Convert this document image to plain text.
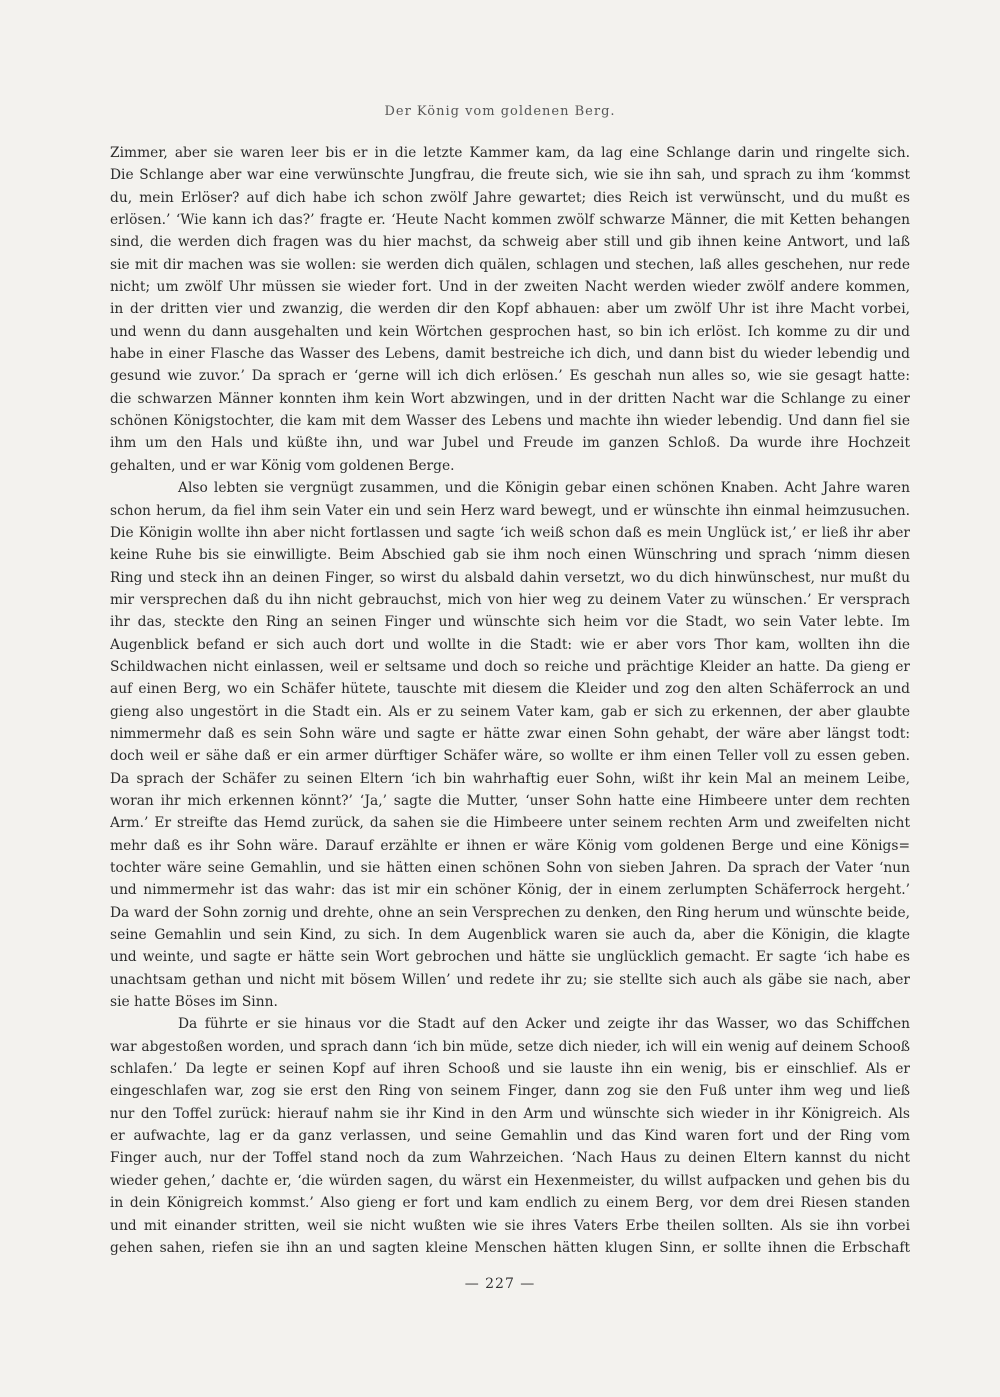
Der König vom goldenen Berg.
Zimmer, aber sie waren leer bis er in die letzte Kammer kam, da lag eine Schlange darin und ringelte sich.
Die Schlange aber war eine verwünschte Jungfrau, die freute sich, wie sie ihn sah, und sprach zu ihm ‘kommst
du, mein Erlöser? auf dich habe ich schon zwölf Jahre gewartet; dies Reich ist verwünscht, und du mußt es
erlösen.’ ‘Wie kann ich das?’ fragte er. ‘Heute Nacht kommen zwölf schwarze Männer, die mit Ketten behangen
sind, die werden dich fragen was du hier machst, da schweig aber still und gib ihnen keine Antwort, und laß
sie mit dir machen was sie wollen: sie werden dich quälen, schlagen und stechen, laß alles geschehen, nur rede
nicht; um zwölf Uhr müssen sie wieder fort. Und in der zweiten Nacht werden wieder zwölf andere kommen,
in der dritten vier und zwanzig, die werden dir den Kopf abhauen: aber um zwölf Uhr ist ihre Macht vorbei,
und wenn du dann ausgehalten und kein Wörtchen gesprochen hast, so bin ich erlöst. Ich komme zu dir und
habe in einer Flasche das Wasser des Lebens, damit bestreiche ich dich, und dann bist du wieder lebendig und
gesund wie zuvor.’ Da sprach er ‘gerne will ich dich erlösen.’ Es geschah nun alles so, wie sie gesagt hatte:
die schwarzen Männer konnten ihm kein Wort abzwingen, und in der dritten Nacht war die Schlange zu einer
schönen Königstochter, die kam mit dem Wasser des Lebens und machte ihn wieder lebendig. Und dann fiel sie
ihm um den Hals und küßte ihn, und war Jubel und Freude im ganzen Schloß. Da wurde ihre Hochzeit
gehalten, und er war König vom goldenen Berge.
Also lebten sie vergnügt zusammen, und die Königin gebar einen schönen Knaben. Acht Jahre waren
schon herum, da fiel ihm sein Vater ein und sein Herz ward bewegt, und er wünschte ihn einmal heimzusuchen.
Die Königin wollte ihn aber nicht fortlassen und sagte ‘ich weiß schon daß es mein Unglück ist,’ er ließ ihr aber
keine Ruhe bis sie einwilligte. Beim Abschied gab sie ihm noch einen Wünschring und sprach ‘nimm diesen
Ring und steck ihn an deinen Finger, so wirst du alsbald dahin versetzt, wo du dich hinwünschest, nur mußt du
mir versprechen daß du ihn nicht gebrauchst, mich von hier weg zu deinem Vater zu wünschen.’ Er versprach
ihr das, steckte den Ring an seinen Finger und wünschte sich heim vor die Stadt, wo sein Vater lebte. Im
Augenblick befand er sich auch dort und wollte in die Stadt: wie er aber vors Thor kam, wollten ihn die
Schildwachen nicht einlassen, weil er seltsame und doch so reiche und prächtige Kleider an hatte. Da gieng er
auf einen Berg, wo ein Schäfer hütete, tauschte mit diesem die Kleider und zog den alten Schäferrock an und
gieng also ungestört in die Stadt ein. Als er zu seinem Vater kam, gab er sich zu erkennen, der aber glaubte
nimmermehr daß es sein Sohn wäre und sagte er hätte zwar einen Sohn gehabt, der wäre aber längst todt:
doch weil er sähe daß er ein armer dürftiger Schäfer wäre, so wollte er ihm einen Teller voll zu essen geben.
Da sprach der Schäfer zu seinen Eltern ‘ich bin wahrhaftig euer Sohn, wißt ihr kein Mal an meinem Leibe,
woran ihr mich erkennen könnt?’ ‘Ja,’ sagte die Mutter, ‘unser Sohn hatte eine Himbeere unter dem rechten
Arm.’ Er streifte das Hemd zurück, da sahen sie die Himbeere unter seinem rechten Arm und zweifelten nicht
mehr daß es ihr Sohn wäre. Darauf erzählte er ihnen er wäre König vom goldenen Berge und eine Königs=
tochter wäre seine Gemahlin, und sie hätten einen schönen Sohn von sieben Jahren. Da sprach der Vater ‘nun
und nimmermehr ist das wahr: das ist mir ein schöner König, der in einem zerlumpten Schäferrock hergeht.’
Da ward der Sohn zornig und drehte, ohne an sein Versprechen zu denken, den Ring herum und wünschte beide,
seine Gemahlin und sein Kind, zu sich. In dem Augenblick waren sie auch da, aber die Königin, die klagte
und weinte, und sagte er hätte sein Wort gebrochen und hätte sie unglücklich gemacht. Er sagte ‘ich habe es
unachtsam gethan und nicht mit bösem Willen’ und redete ihr zu; sie stellte sich auch als gäbe sie nach, aber
sie hatte Böses im Sinn.
Da führte er sie hinaus vor die Stadt auf den Acker und zeigte ihr das Wasser, wo das Schiffchen
war abgestoßen worden, und sprach dann ‘ich bin müde, setze dich nieder, ich will ein wenig auf deinem Schooß
schlafen.’ Da legte er seinen Kopf auf ihren Schooß und sie lauste ihn ein wenig, bis er einschlief. Als er
eingeschlafen war, zog sie erst den Ring von seinem Finger, dann zog sie den Fuß unter ihm weg und ließ
nur den Toffel zurück: hierauf nahm sie ihr Kind in den Arm und wünschte sich wieder in ihr Königreich. Als
er aufwachte, lag er da ganz verlassen, und seine Gemahlin und das Kind waren fort und der Ring vom
Finger auch, nur der Toffel stand noch da zum Wahrzeichen. ‘Nach Haus zu deinen Eltern kannst du nicht
wieder gehen,’ dachte er, ‘die würden sagen, du wärst ein Hexenmeister, du willst aufpacken und gehen bis du
in dein Königreich kommst.’ Also gieng er fort und kam endlich zu einem Berg, vor dem drei Riesen standen
und mit einander stritten, weil sie nicht wußten wie sie ihres Vaters Erbe theilen sollten. Als sie ihn vorbei
gehen sahen, riefen sie ihn an und sagten kleine Menschen hätten klugen Sinn, er sollte ihnen die Erbschaft
— 227 —
